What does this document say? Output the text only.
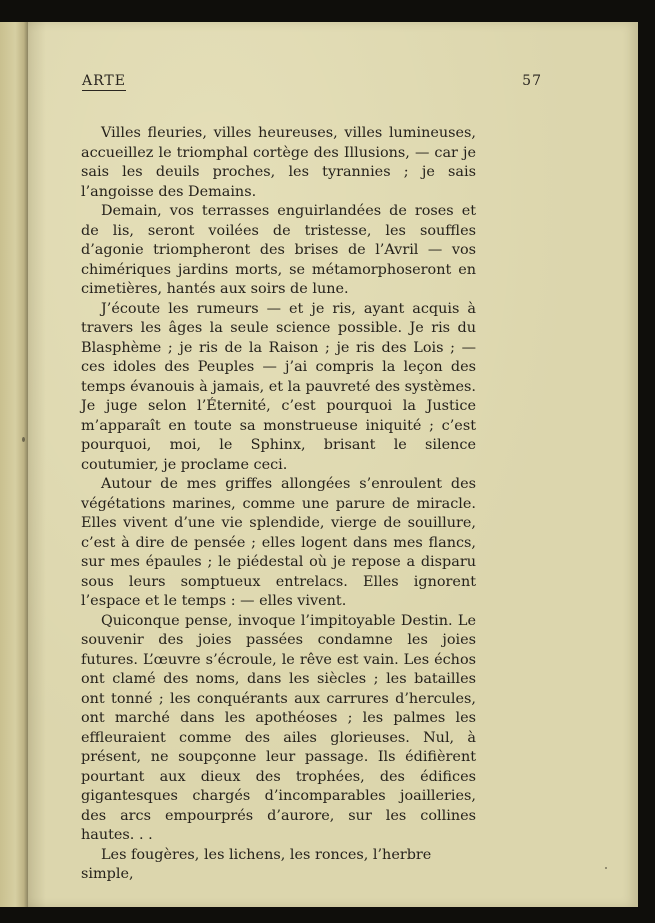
ARTE	57

Villes fleuries, villes heureuses, villes lumineuses, accueillez le triomphal cortège des Illusions, — car je sais les deuils proches, les tyrannies ; je sais l’angoisse des Demains.

Demain, vos terrasses enguirlandées de roses et de lis, seront voilées de tristesse, les souffles d’agonie triompheront des brises de l’Avril — vos chimériques jardins morts, se métamorphoseront en cimetières, hantés aux soirs de lune.

J’écoute les rumeurs — et je ris, ayant acquis à travers les âges la seule science possible. Je ris du Blasphème ; je ris de la Raison ; je ris des Lois ; — ces idoles des Peuples — j’ai compris la leçon des temps évanouis à jamais, et la pauvreté des systèmes. Je juge selon l’Éternité, c’est pourquoi la Justice m’apparaît en toute sa monstrueuse iniquité ; c’est pourquoi, moi, le Sphinx, brisant le silence coutumier, je proclame ceci.

Autour de mes griffes allongées s’enroulent des végétations marines, comme une parure de miracle. Elles vivent d’une vie splendide, vierge de souillure, c’est à dire de pensée ; elles logent dans mes flancs, sur mes épaules ; le piédestal où je repose a disparu sous leurs somptueux entrelacs. Elles ignorent l’espace et le temps : — elles vivent.

Quiconque pense, invoque l’impitoyable Destin. Le souvenir des joies passées condamne les joies futures. L’œuvre s’écroule, le rêve est vain. Les échos ont clamé des noms, dans les siècles ; les batailles ont tonné ; les conquérants aux carrures d’hercules, ont marché dans les apothéoses ; les palmes les effleuraient comme des ailes glorieuses. Nul, à présent, ne soupçonne leur passage. Ils édifièrent pourtant aux dieux des trophées, des édifices gigantesques chargés d’incomparables joailleries, des arcs empourprés d’aurore, sur les collines hautes. . .

Les fougères, les lichens, les ronces, l’herbre simple,
